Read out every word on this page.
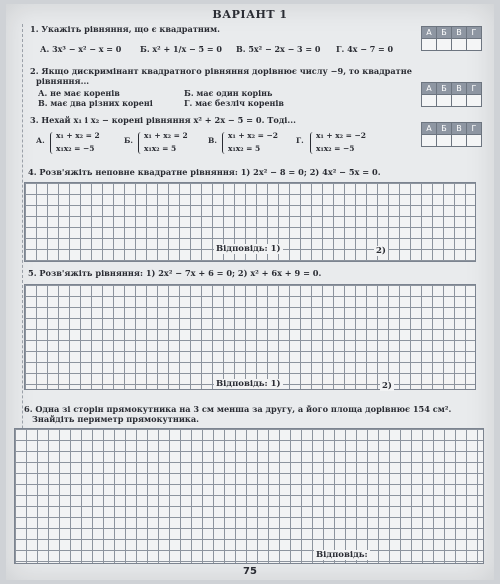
ВАРІАНТ 1
1. Укажіть рівняння, що є квадратним.
А. 3x³ − x² − x = 0 Б. x² + 1/x − 5 = 0 В. 5x² − 2x − 3 = 0 Г. 4x − 7 = 0
А	Б	В	Г
2. Якщо дискримінант квадратного рівняння дорівнює числу −9, то квадратне
рівняння...
А. не має коренів	Б. має один корінь
В. має два різних корені	Г. має безліч коренів
А	Б	В	Г
3. Нехай x₁ і x₂ − корені рівняння x² + 2x − 5 = 0. Тоді...
А.
x₁ + x₂ = 2
x₁x₂ = −5
Б.
x₁ + x₂ = 2
x₁x₂ = 5
В.
x₁ + x₂ = −2
x₁x₂ = 5
Г.
x₁ + x₂ = −2
x₁x₂ = −5
А	Б	В	Г
4. Розв'яжіть неповне квадратне рівняння: 1) 2x² − 8 = 0; 2) 4x² − 5x = 0.
Відповідь: 1)	2)
5. Розв'яжіть рівняння: 1) 2x² − 7x + 6 = 0; 2) x² + 6x + 9 = 0.
Відповідь: 1)	2)
6. Одна зі сторін прямокутника на 3 см менша за другу, а його площа дорівнює 154 см².
Знайдіть периметр прямокутника.
Відповідь:
75
